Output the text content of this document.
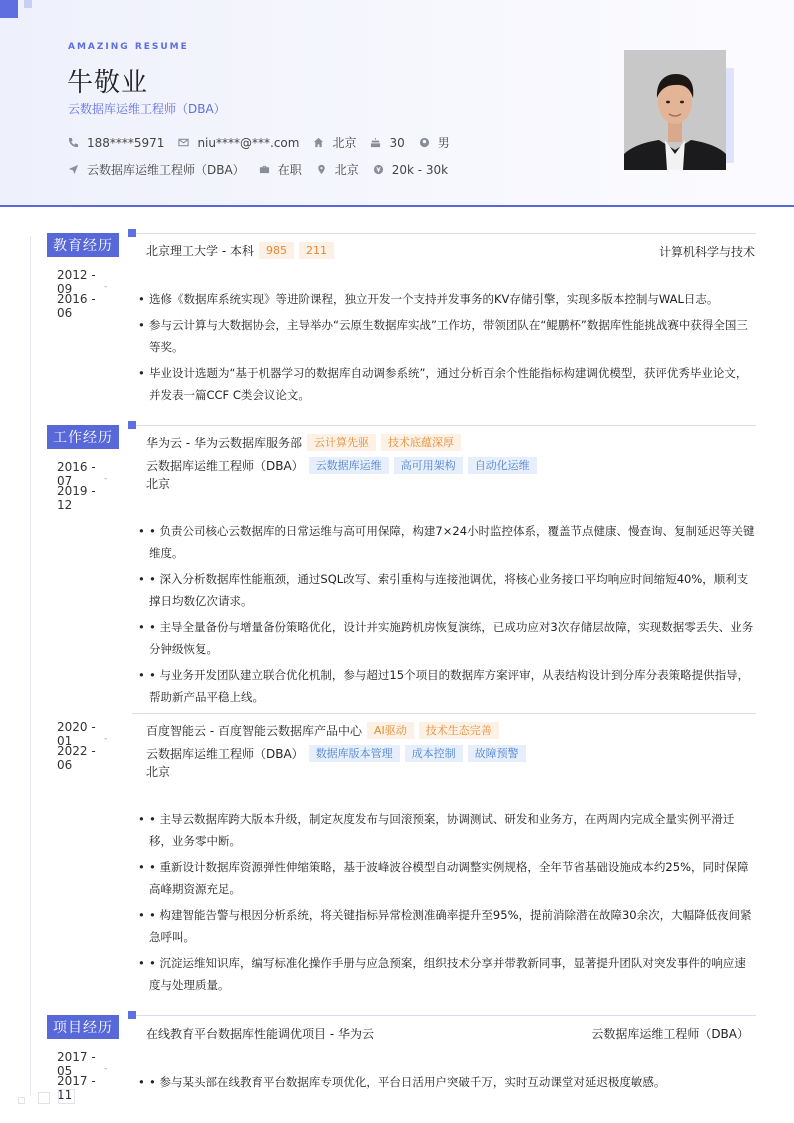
AMAZING RESUME
牛敬业
云数据库运维工程师（DBA）
188****5971	niu****@***.com	北京	30	男
云数据库运维工程师（DBA）	在职	北京	20k - 30k
教育经历
2012 - 09	-
2016 - 06
北京理工大学 - 本科	985	211	计算机科学与技术
• 选修《数据库系统实现》等进阶课程，独立开发一个支持并发事务的KV存储引擎，实现多版本控制与WAL日志。
• 参与云计算与大数据协会，主导举办“云原生数据库实战”工作坊，带领团队在“鲲鹏杯”数据库性能挑战赛中获得全国三等奖。
• 毕业设计选题为“基于机器学习的数据库自动调参系统”，通过分析百余个性能指标构建调优模型，获评优秀毕业论文，并发表一篇CCF C类会议论文。
工作经历
2016 - 07	-
2019 - 12
华为云 - 华为云数据库服务部	云计算先驱	技术底蕴深厚
云数据库运维工程师（DBA）	云数据库运维	高可用架构	自动化运维
北京
• • 负责公司核心云数据库的日常运维与高可用保障，构建7×24小时监控体系，覆盖节点健康、慢查询、复制延迟等关键维度。
• • 深入分析数据库性能瓶颈，通过SQL改写、索引重构与连接池调优，将核心业务接口平均响应时间缩短40%，顺利支撑日均数亿次请求。
• • 主导全量备份与增量备份策略优化，设计并实施跨机房恢复演练，已成功应对3次存储层故障，实现数据零丢失、业务分钟级恢复。
• • 与业务开发团队建立联合优化机制，参与超过15个项目的数据库方案评审，从表结构设计到分库分表策略提供指导，帮助新产品平稳上线。
2020 - 01	-
2022 - 06
百度智能云 - 百度智能云数据库产品中心	AI驱动	技术生态完善
云数据库运维工程师（DBA）	数据库版本管理	成本控制	故障预警
北京
• • 主导云数据库跨大版本升级，制定灰度发布与回滚预案，协调测试、研发和业务方，在两周内完成全量实例平滑迁移，业务零中断。
• • 重新设计数据库资源弹性伸缩策略，基于波峰波谷模型自动调整实例规格，全年节省基础设施成本约25%，同时保障高峰期资源充足。
• • 构建智能告警与根因分析系统，将关键指标异常检测准确率提升至95%，提前消除潜在故障30余次，大幅降低夜间紧急呼叫。
• • 沉淀运维知识库，编写标准化操作手册与应急预案，组织技术分享并带教新同事，显著提升团队对突发事件的响应速度与处理质量。
项目经历
2017 - 05	-
2017 - 11
在线教育平台数据库性能调优项目 - 华为云	云数据库运维工程师（DBA）
• • 参与某头部在线教育平台数据库专项优化，平台日活用户突破千万，实时互动课堂对延迟极度敏感。
